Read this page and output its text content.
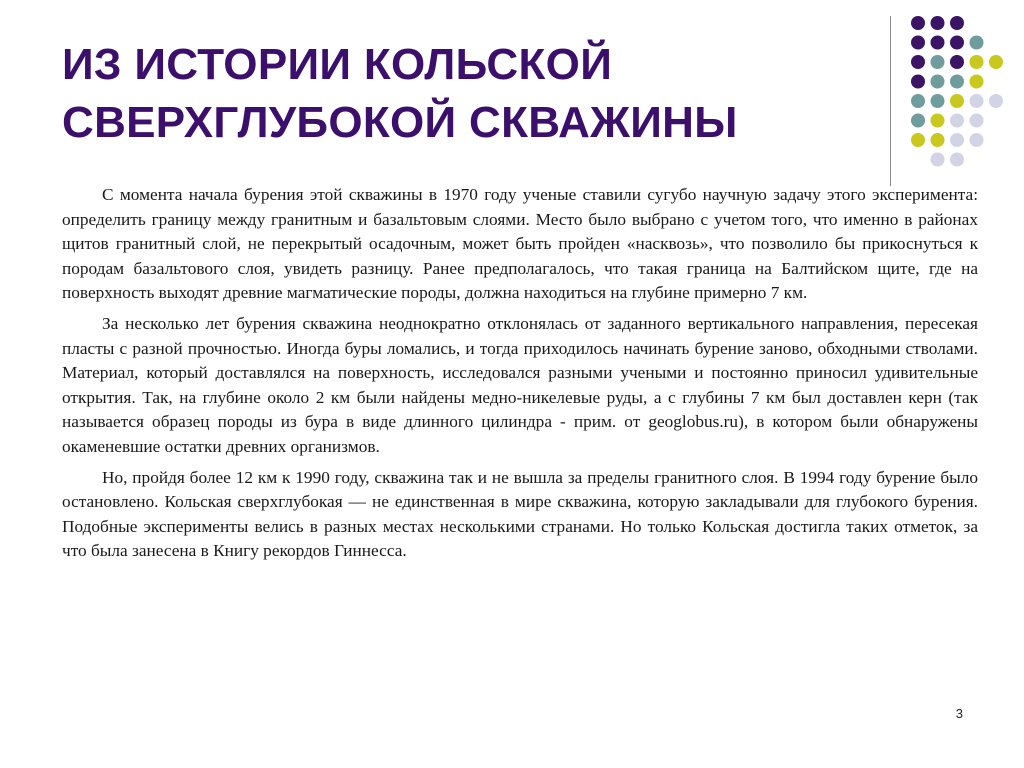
ИЗ ИСТОРИИ КОЛЬСКОЙ
СВЕРХГЛУБОКОЙ СКВАЖИНЫ

С момента начала бурения этой скважины в 1970 году ученые ставили сугубо научную задачу этого эксперимента: определить границу между гранитным и базальтовым слоями. Место было выбрано с учетом того, что именно в районах щитов гранитный слой, не перекрытый осадочным, может быть пройден «насквозь», что позволило бы прикоснуться к породам базальтового слоя, увидеть разницу. Ранее предполагалось, что такая граница на Балтийском щите, где на поверхность выходят древние магматические породы, должна находиться на глубине примерно 7 км.

За несколько лет бурения скважина неоднократно отклонялась от заданного вертикального направления, пересекая пласты с разной прочностью. Иногда буры ломались, и тогда приходилось начинать бурение заново, обходными стволами. Материал, который доставлялся на поверхность, исследовался разными учеными и постоянно приносил удивительные открытия. Так, на глубине около 2 км были найдены медно-никелевые руды, а с глубины 7 км был доставлен керн (так называется образец породы из бура в виде длинного цилиндра - прим. от geoglobus.ru), в котором были обнаружены окаменевшие остатки древних организмов.

Но, пройдя более 12 км к 1990 году, скважина так и не вышла за пределы гранитного слоя. В 1994 году бурение было остановлено. Кольская сверхглубокая — не единственная в мире скважина, которую закладывали для глубокого бурения. Подобные эксперименты велись в разных местах несколькими странами. Но только Кольская достигла таких отметок, за что была занесена в Книгу рекордов Гиннесса.

3
